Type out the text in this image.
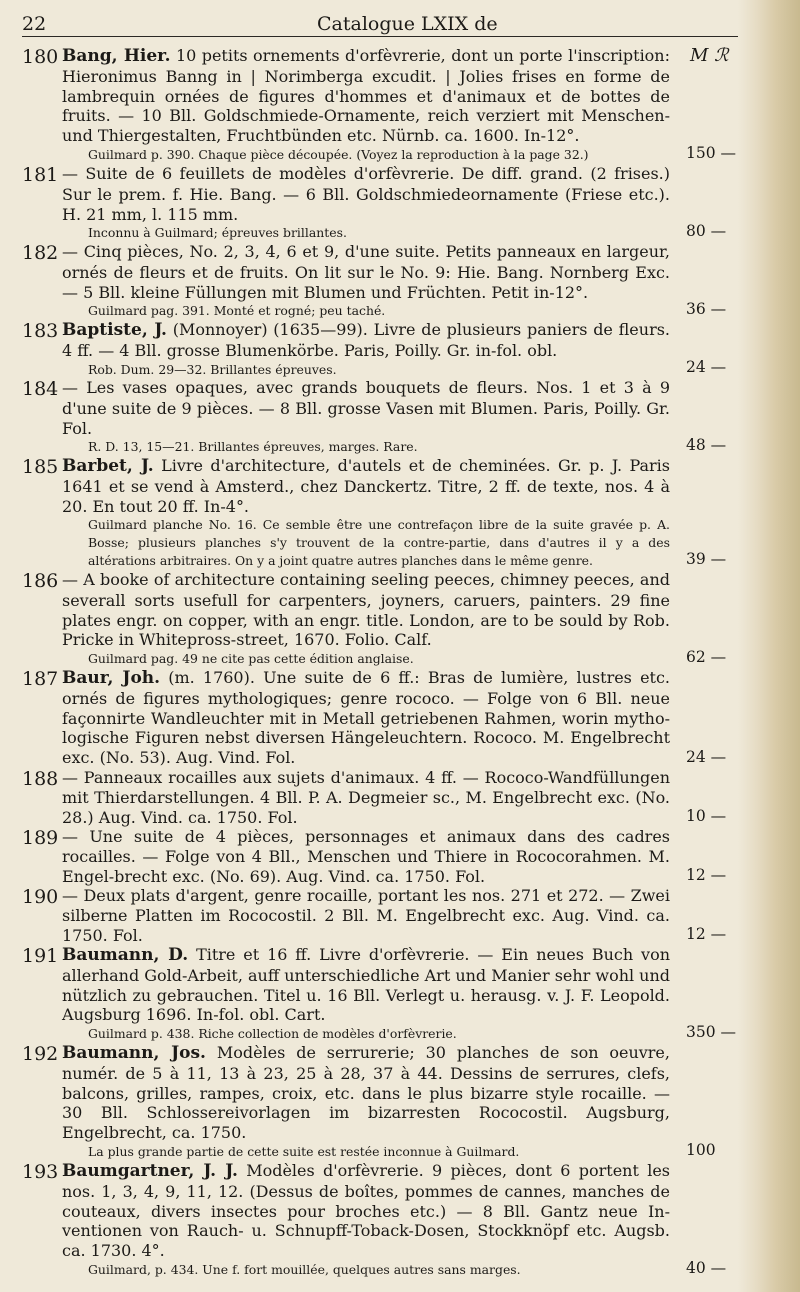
22	Catalogue LXIX de
M ℛ
180 Bang, Hier. 10 petits ornements d'orfèvrerie, dont un porte l'inscription: Hieronimus Banng in | Norimberga excudit. | Jolies frises en forme de lambrequin ornées de figures d'hommes et d'animaux et de bottes de fruits. — 10 Bll. Goldschmiede-Ornamente, reich verziert mit Menschen- und Thiergestalten, Fruchtbünden etc. Nürnb. ca. 1600. In-12°.
Guilmard p. 390. Chaque pièce découpée. (Voyez la reproduction à la page 32.)	150 —
181 — Suite de 6 feuillets de modèles d'orfèvrerie. De diff. grand. (2 frises.) Sur le prem. f. Hie. Bang. — 6 Bll. Goldschmiedeornamente (Friese etc.). H. 21 mm, l. 115 mm.
Inconnu à Guilmard; épreuves brillantes.	80 —
182 — Cinq pièces, No. 2, 3, 4, 6 et 9, d'une suite. Petits panneaux en largeur, ornés de fleurs et de fruits. On lit sur le No. 9: Hie. Bang. Nornberg Exc. — 5 Bll. kleine Füllungen mit Blumen und Früchten. Petit in-12°.
Guilmard pag. 391. Monté et rogné; peu taché.	36 —
183 Baptiste, J. (Monnoyer) (1635—99). Livre de plusieurs paniers de fleurs. 4 ff. — 4 Bll. grosse Blumenkörbe. Paris, Poilly. Gr. in-fol. obl.
Rob. Dum. 29—32. Brillantes épreuves.	24 —
184 — Les vases opaques, avec grands bouquets de fleurs. Nos. 1 et 3 à 9 d'une suite de 9 pièces. — 8 Bll. grosse Vasen mit Blumen. Paris, Poilly. Gr. Fol.
R. D. 13, 15—21. Brillantes épreuves, marges. Rare.	48 —
185 Barbet, J. Livre d'architecture, d'autels et de cheminées. Gr. p. J. Paris 1641 et se vend à Amsterd., chez Danckertz. Titre, 2 ff. de texte, nos. 4 à 20. En tout 20 ff. In-4°.
Guilmard planche No. 16. Ce semble être une contrefaçon libre de la suite gravée p. A. Bosse; plusieurs planches s'y trouvent de la contre-partie, dans d'autres il y a des altérations arbitraires. On y a joint quatre autres planches dans le même genre.	39 —
186 — A booke of architecture containing seeling peeces, chimney peeces, and severall sorts usefull for carpenters, joyners, caruers, painters. 29 fine plates engr. on copper, with an engr. title. London, are to be sould by Rob. Pricke in Whitepross-street, 1670. Folio. Calf.
Guilmard pag. 49 ne cite pas cette édition anglaise.	62 —
187 Baur, Joh. (m. 1760). Une suite de 6 ff.: Bras de lumière, lustres etc. ornés de figures mythologiques; genre rococo. — Folge von 6 Bll. neue façonnirte Wandleuchter mit in Metall getriebenen Rahmen, worin mytho-logische Figuren nebst diversen Hängeleuchtern. Rococo. M. Engelbrecht exc. (No. 53). Aug. Vind. Fol.	24 —
188 — Panneaux rocailles aux sujets d'animaux. 4 ff. — Rococo-Wandfüllungen mit Thierdarstellungen. 4 Bll. P. A. Degmeier sc., M. Engelbrecht exc. (No. 28.) Aug. Vind. ca. 1750. Fol.	10 —
189 — Une suite de 4 pièces, personnages et animaux dans des cadres rocailles. — Folge von 4 Bll., Menschen und Thiere in Rococorahmen. M. Engel-brecht exc. (No. 69). Aug. Vind. ca. 1750. Fol.	12 —
190 — Deux plats d'argent, genre rocaille, portant les nos. 271 et 272. — Zwei silberne Platten im Rococostil. 2 Bll. M. Engelbrecht exc. Aug. Vind. ca. 1750. Fol.	12 —
191 Baumann, D. Titre et 16 ff. Livre d'orfèvrerie. — Ein neues Buch von allerhand Gold-Arbeit, auff unterschiedliche Art und Manier sehr wohl und nützlich zu gebrauchen. Titel u. 16 Bll. Verlegt u. herausg. v. J. F. Leopold. Augsburg 1696. In-fol. obl. Cart.
Guilmard p. 438. Riche collection de modèles d'orfèvrerie.	350 —
192 Baumann, Jos. Modèles de serrurerie; 30 planches de son oeuvre, numér. de 5 à 11, 13 à 23, 25 à 28, 37 à 44. Dessins de serrures, clefs, balcons, grilles, rampes, croix, etc. dans le plus bizarre style rocaille. — 30 Bll. Schlossereivorlagen im bizarresten Rococostil. Augsburg, Engelbrecht, ca. 1750.
La plus grande partie de cette suite est restée inconnue à Guilmard.	100
193 Baumgartner, J. J. Modèles d'orfèvrerie. 9 pièces, dont 6 portent les nos. 1, 3, 4, 9, 11, 12. (Dessus de boîtes, pommes de cannes, manches de couteaux, divers insectes pour broches etc.) — 8 Bll. Gantz neue In-ventionen von Rauch- u. Schnupff-Toback-Dosen, Stockknöpf etc. Augsb. ca. 1730. 4°.
Guilmard, p. 434. Une f. fort mouillée, quelques autres sans marges.	40 —
